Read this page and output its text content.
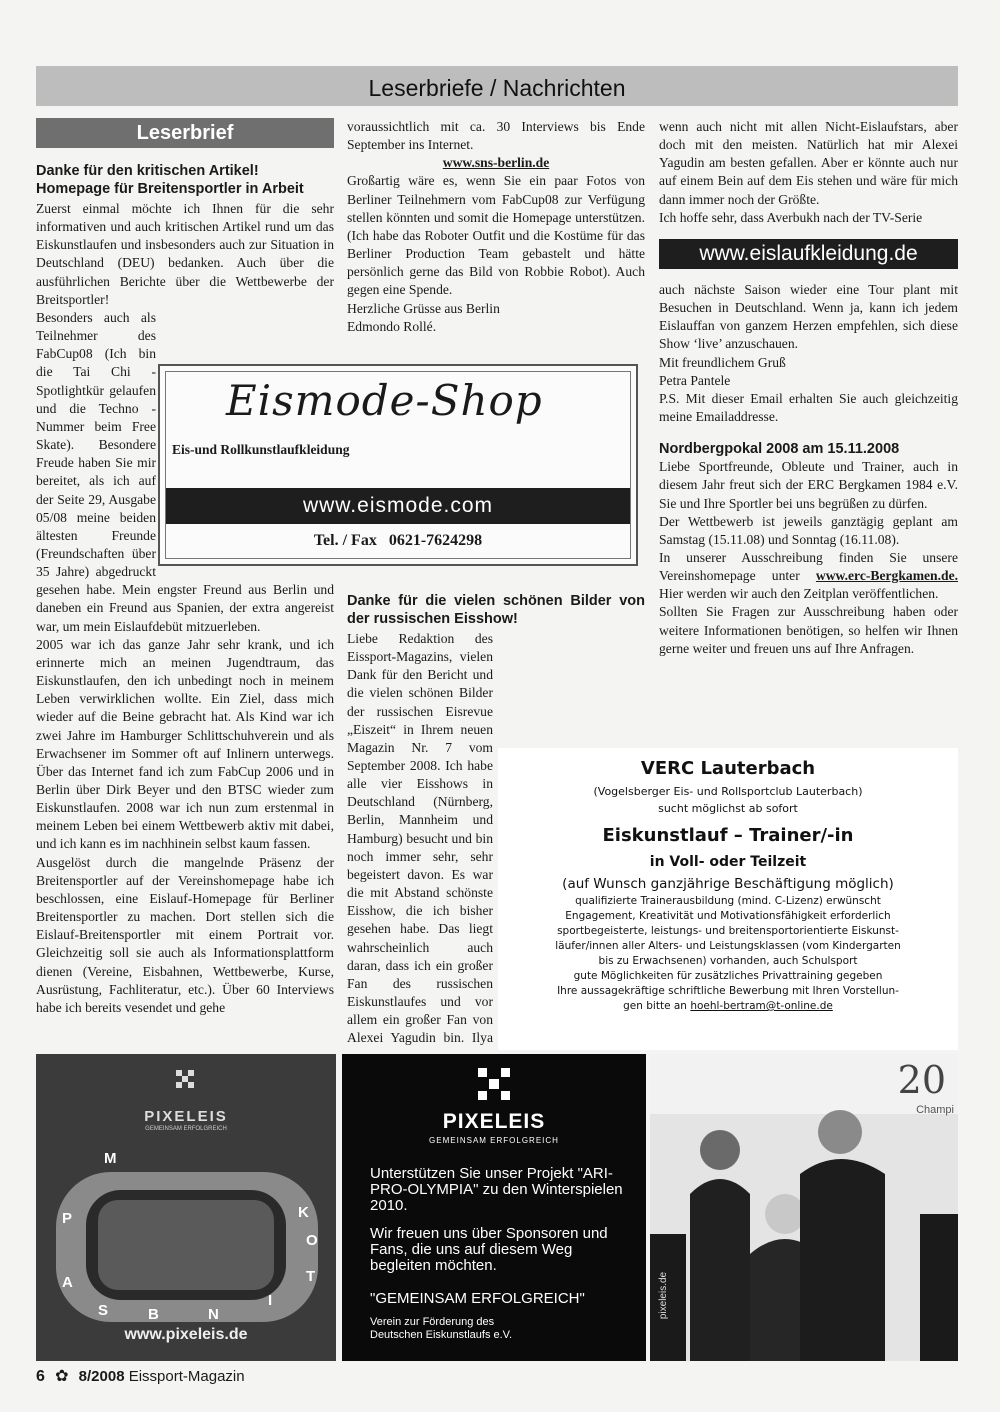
Leserbriefe / Nachrichten
Leserbrief

Danke für den kritischen Artikel!

Homepage für Breitensportler in Arbeit

Zuerst einmal möchte ich Ihnen für die sehr informativen und auch kritischen Artikel rund um das Eiskunstlaufen und insbesonders auch zur Situation in Deutschland (DEU) bedanken. Auch über die ausführlichen Berichte über die Wettbewerbe der Breitsportler!

Besonders auch als Teilnehmer des FabCup08 (Ich bin die Tai Chi - Spotlightkür gelaufen und die Techno - Nummer beim Free Skate). Besondere Freude haben Sie mir bereitet, als ich auf der Seite 29, Ausgabe 05/08 meine beiden ältesten Freunde (Freundschaften über 35 Jahre) abgedruckt gesehen habe. Mein engster Freund aus Berlin und daneben ein Freund aus Spanien, der extra angereist war, um mein Eislaufdebüt mitzuerleben.

2005 war ich das ganze Jahr sehr krank, und ich erinnerte mich an meinen Jugendtraum, das Eiskunstlaufen, den ich unbedingt noch in meinem Leben verwirklichen wollte. Ein Ziel, dass mich wieder auf die Beine gebracht hat. Als Kind war ich zwei Jahre im Hamburger Schlittschuhverein und als Erwachsener im Sommer oft auf Inlinern unterwegs. Über das Internet fand ich zum FabCup 2006 und in Berlin über Dirk Beyer und den BTSC wieder zum Eiskunstlaufen. 2008 war ich nun zum erstenmal in meinem Leben bei einem Wettbewerb aktiv mit dabei, und ich kann es im nachhinein selbst kaum fassen.

Ausgelöst durch die mangelnde Präsenz der Breitensportler auf der Vereinshomepage habe ich beschlossen, eine Eislauf-Homepage für Berliner Breitensportler zu machen. Dort stellen sich die Eislauf-Breitensportler mit einem Portrait vor. Gleichzeitig soll sie auch als Informationsplattform dienen (Vereine, Eisbahnen, Wettbewerbe, Kurse, Ausrüstung, Fachliteratur, etc.). Über 60 Interviews habe ich bereits vesendet und gehe

voraussichtlich mit ca. 30 Interviews bis Ende September ins Internet.

www.sns-berlin.de

Großartig wäre es, wenn Sie ein paar Fotos von Berliner Teilnehmern vom FabCup08 zur Verfügung stellen könnten und somit die Homepage unterstützen. (Ich habe das Roboter Outfit und die Kostüme für das Berliner Production Team gebastelt und hätte persönlich gerne das Bild von Robbie Robot). Auch gegen eine Spende.

Herzliche Grüsse aus Berlin

Edmondo Rollé.

Danke für die vielen schönen Bilder von der russischen Eisshow!

Liebe Redaktion des Eissport-Magazins, vielen Dank für den Bericht und die vielen schönen Bilder der russischen Eisrevue „Eiszeit“ in Ihrem neuen Magazin Nr. 7 vom September 2008. Ich habe alle vier Eisshows in Deutschland (Nürnberg, Berlin, Mannheim und Hamburg) besucht und bin noch immer sehr, sehr begeistert davon. Es war die mit Abstand schönste Eisshow, die ich bisher gesehen habe. Das liegt wahrscheinlich auch daran, dass ich ein großer Fan des russischen Eiskunstlaufes und vor allem ein großer Fan von Alexei Yagudin bin. Ilya

wenn auch nicht mit allen Nicht-Eislaufstars, aber doch mit den meisten. Natürlich hat mir Alexei Yagudin am besten gefallen. Aber er könnte auch nur auf einem Bein auf dem Eis stehen und wäre für mich dann immer noch der Größte.

Ich hoffe sehr, dass Averbukh nach der TV-Serie

www.eislaufkleidung.de

auch nächste Saison wieder eine Tour plant mit Besuchen in Deutschland. Wenn ja, kann ich jedem Eislauffan von ganzem Herzen empfehlen, sich diese Show ‘live’ anzuschauen.

Mit freundlichem Gruß

Petra Pantele

P.S. Mit dieser Email erhalten Sie auch gleichzeitig meine Emailaddresse.

Nordbergpokal 2008 am 15.11.2008

Liebe Sportfreunde, Obleute und Trainer, auch in diesem Jahr freut sich der ERC Bergkamen 1984 e.V. Sie und Ihre Sportler bei uns begrüßen zu dürfen.

Der Wettbewerb ist jeweils ganztägig geplant am Samstag (15.11.08) und Sonntag (16.11.08).

In unserer Ausschreibung finden Sie unsere Vereinshomepage unter www.erc-Bergkamen.de. Hier werden wir auch den Zeitplan veröffentlichen.

Sollten Sie Fragen zur Ausschreibung haben oder weitere Informationen benötigen, so helfen wir Ihnen gerne weiter und freuen uns auf Ihre Anfragen.

Eismode-Shop
Eis-und Rollkunstlaufkleidung
www.eismode.com
Tel. / Fax   0621-7624298
VERC Lauterbach
(Vogelsberger Eis- und Rollsportclub Lauterbach)
sucht möglichst ab sofort
Eiskunstlauf – Trainer/-in
in Voll- oder Teilzeit
(auf Wunsch ganzjährige Beschäftigung möglich)
qualifizierte Trainerausbildung (mind. C-Lizenz) erwünscht
Engagement, Kreativität und Motivationsfähigkeit erforderlich
sportbegeisterte, leistungs- und breitensportorientierte Eiskunst-
läufer/innen aller Alters- und Leistungsklassen (vom Kindergarten
bis zu Erwachsenen) vorhanden, auch Schulsport
gute Möglichkeiten für zusätzliches Privattraining gegeben
Ihre aussagekräftige schriftliche Bewerbung mit Ihren Vorstellun-
gen bitte an hoehl-bertram@t-online.de
PIXELEIS
GEMEINSAM ERFOLGREICH
M
P
A
S	B	N
I
T
K
O
www.pixeleis.de
PIXELEIS
GEMEINSAM ERFOLGREICH
Unterstützen Sie unser Projekt "ARI-PRO-OLYMPIA" zu den Winterspielen 2010.
Wir freuen uns über Sponsoren und Fans, die uns auf diesem Weg begleiten möchten.
"GEMEINSAM ERFOLGREICH"
Verein zur Förderung des Deutschen Eiskunstlaufs e.V.
20
Champi
pixeleis.de
6 ✿ 8/2008 Eissport-Magazin
